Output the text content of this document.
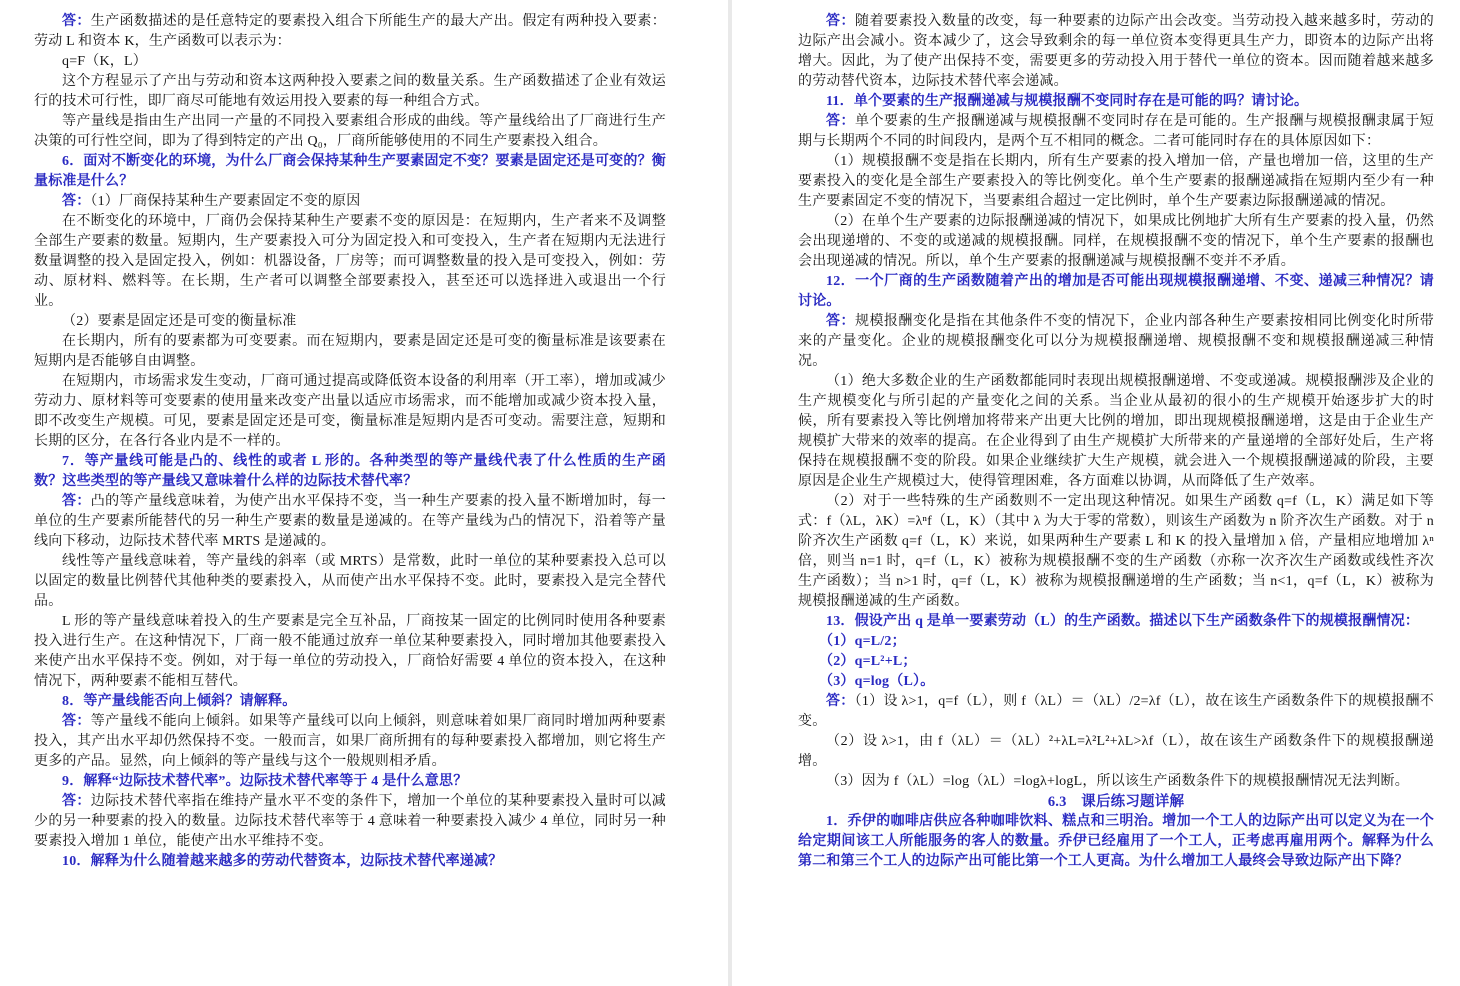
答：生产函数描述的是任意特定的要素投入组合下所能生产的最大产出。假定有两种投入要素：劳动 L 和资本 K，生产函数可以表示为：

q=F（K，L）

这个方程显示了产出与劳动和资本这两种投入要素之间的数量关系。生产函数描述了企业有效运行的技术可行性，即厂商尽可能地有效运用投入要素的每一种组合方式。

等产量线是指由生产出同一产量的不同投入要素组合形成的曲线。等产量线给出了厂商进行生产决策的可行性空间，即为了得到特定的产出 Q₀，厂商所能够使用的不同生产要素投入组合。

6．面对不断变化的环境，为什么厂商会保持某种生产要素固定不变？要素是固定还是可变的？衡量标准是什么？

答：（1）厂商保持某种生产要素固定不变的原因

在不断变化的环境中，厂商仍会保持某种生产要素不变的原因是：在短期内，生产者来不及调整全部生产要素的数量。短期内，生产要素投入可分为固定投入和可变投入，生产者在短期内无法进行数量调整的投入是固定投入，例如：机器设备，厂房等；而可调整数量的投入是可变投入，例如：劳动、原材料、燃料等。在长期，生产者可以调整全部要素投入，甚至还可以选择进入或退出一个行业。

（2）要素是固定还是可变的衡量标准

在长期内，所有的要素都为可变要素。而在短期内，要素是固定还是可变的衡量标准是该要素在短期内是否能够自由调整。

在短期内，市场需求发生变动，厂商可通过提高或降低资本设备的利用率（开工率），增加或减少劳动力、原材料等可变要素的使用量来改变产出量以适应市场需求，而不能增加或减少资本投入量，即不改变生产规模。可见，要素是固定还是可变，衡量标准是短期内是否可变动。需要注意，短期和长期的区分，在各行各业内是不一样的。

7．等产量线可能是凸的、线性的或者 L 形的。各种类型的等产量线代表了什么性质的生产函数？这些类型的等产量线又意味着什么样的边际技术替代率？

答：凸的等产量线意味着，为使产出水平保持不变，当一种生产要素的投入量不断增加时，每一单位的生产要素所能替代的另一种生产要素的数量是递减的。在等产量线为凸的情况下，沿着等产量线向下移动，边际技术替代率 MRTS 是递减的。

线性等产量线意味着，等产量线的斜率（或 MRTS）是常数，此时一单位的某种要素投入总可以以固定的数量比例替代其他种类的要素投入，从而使产出水平保持不变。此时，要素投入是完全替代品。

L 形的等产量线意味着投入的生产要素是完全互补品，厂商按某一固定的比例同时使用各种要素投入进行生产。在这种情况下，厂商一般不能通过放弃一单位某种要素投入，同时增加其他要素投入来使产出水平保持不变。例如，对于每一单位的劳动投入，厂商恰好需要 4 单位的资本投入，在这种情况下，两种要素不能相互替代。

8．等产量线能否向上倾斜？请解释。

答：等产量线不能向上倾斜。如果等产量线可以向上倾斜，则意味着如果厂商同时增加两种要素投入，其产出水平却仍然保持不变。一般而言，如果厂商所拥有的每种要素投入都增加，则它将生产更多的产品。显然，向上倾斜的等产量线与这个一般规则相矛盾。

9．解释“边际技术替代率”。边际技术替代率等于 4 是什么意思？

答：边际技术替代率指在维持产量水平不变的条件下，增加一个单位的某种要素投入量时可以减少的另一种要素的投入的数量。边际技术替代率等于 4 意味着一种要素投入减少 4 单位，同时另一种要素投入增加 1 单位，能使产出水平维持不变。

10．解释为什么随着越来越多的劳动代替资本，边际技术替代率递减？

答：随着要素投入数量的改变，每一种要素的边际产出会改变。当劳动投入越来越多时，劳动的边际产出会减小。资本减少了，这会导致剩余的每一单位资本变得更具生产力，即资本的边际产出将增大。因此，为了使产出保持不变，需要更多的劳动投入用于替代一单位的资本。因而随着越来越多的劳动替代资本，边际技术替代率会递减。

11．单个要素的生产报酬递减与规模报酬不变同时存在是可能的吗？请讨论。

答：单个要素的生产报酬递减与规模报酬不变同时存在是可能的。生产报酬与规模报酬隶属于短期与长期两个不同的时间段内，是两个互不相同的概念。二者可能同时存在的具体原因如下：

（1）规模报酬不变是指在长期内，所有生产要素的投入增加一倍，产量也增加一倍，这里的生产要素投入的变化是全部生产要素投入的等比例变化。单个生产要素的报酬递减指在短期内至少有一种生产要素固定不变的情况下，当要素组合超过一定比例时，单个生产要素边际报酬递减的情况。

（2）在单个生产要素的边际报酬递减的情况下，如果成比例地扩大所有生产要素的投入量，仍然会出现递增的、不变的或递减的规模报酬。同样，在规模报酬不变的情况下，单个生产要素的报酬也会出现递减的情况。所以，单个生产要素的报酬递减与规模报酬不变并不矛盾。

12．一个厂商的生产函数随着产出的增加是否可能出现规模报酬递增、不变、递减三种情况？请讨论。

答：规模报酬变化是指在其他条件不变的情况下，企业内部各种生产要素按相同比例变化时所带来的产量变化。企业的规模报酬变化可以分为规模报酬递增、规模报酬不变和规模报酬递减三种情况。

（1）绝大多数企业的生产函数都能同时表现出规模报酬递增、不变或递减。规模报酬涉及企业的生产规模变化与所引起的产量变化之间的关系。当企业从最初的很小的生产规模开始逐步扩大的时候，所有要素投入等比例增加将带来产出更大比例的增加，即出现规模报酬递增，这是由于企业生产规模扩大带来的效率的提高。在企业得到了由生产规模扩大所带来的产量递增的全部好处后，生产将保持在规模报酬不变的阶段。如果企业继续扩大生产规模，就会进入一个规模报酬递减的阶段，主要原因是企业生产规模过大，使得管理困难，各方面难以协调，从而降低了生产效率。

（2）对于一些特殊的生产函数则不一定出现这种情况。如果生产函数 q=f（L，K）满足如下等式：f（λL，λK）=λⁿf（L，K）（其中 λ 为大于零的常数），则该生产函数为 n 阶齐次生产函数。对于 n 阶齐次生产函数 q=f（L，K）来说，如果两种生产要素 L 和 K 的投入量增加 λ 倍，产量相应地增加 λⁿ 倍，则当 n=1 时，q=f（L，K）被称为规模报酬不变的生产函数（亦称一次齐次生产函数或线性齐次生产函数）；当 n>1 时，q=f（L，K）被称为规模报酬递增的生产函数；当 n<1，q=f（L，K）被称为规模报酬递减的生产函数。

13．假设产出 q 是单一要素劳动（L）的生产函数。描述以下生产函数条件下的规模报酬情况：

（1）q=L/2；

（2）q=L²+L；

（3）q=log（L）。

答：（1）设 λ>1，q=f（L），则 f（λL）＝（λL）/2=λf（L），故在该生产函数条件下的规模报酬不变。

（2）设 λ>1，由 f（λL）＝（λL）²+λL=λ²L²+λL>λf（L），故在该生产函数条件下的规模报酬递增。

（3）因为 f（λL）=log（λL）=logλ+logL，所以该生产函数条件下的规模报酬情况无法判断。

6.3　课后练习题详解

1．乔伊的咖啡店供应各种咖啡饮料、糕点和三明治。增加一个工人的边际产出可以定义为在一个给定期间该工人所能服务的客人的数量。乔伊已经雇用了一个工人，正考虑再雇用两个。解释为什么第二和第三个工人的边际产出可能比第一个工人更高。为什么增加工人最终会导致边际产出下降？
